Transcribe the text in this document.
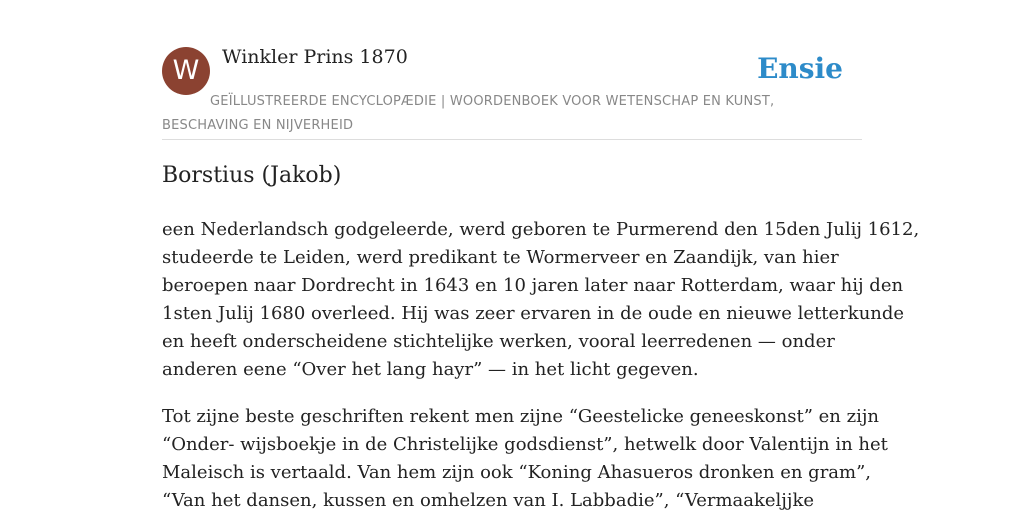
W	Winkler Prins 1870	Ensie
GEÏLLUSTREERDE ENCYCLOPÆDIE | WOORDENBOEK VOOR WETENSCHAP EN KUNST, BESCHAVING EN NIJVERHEID
Borstius (Jakob)

een Nederlandsch godgeleerde, werd geboren te Purmerend den 15den Julij 1612,
studeerde te Leiden, werd predikant te Wormerveer en Zaandijk, van hier
beroepen naar Dordrecht in 1643 en 10 jaren later naar Rotterdam, waar hij den
1sten Julij 1680 overleed. Hij was zeer ervaren in de oude en nieuwe letterkunde
en heeft onderscheidene stichtelijke werken, vooral leerredenen — onder
anderen eene “Over het lang hayr” — in het licht gegeven.

Tot zijne beste geschriften rekent men zijne “Geestelicke geneeskonst” en zijn
“Onder- wijsboekje in de Christelijke godsdienst”, hetwelk door Valentijn in het
Maleisch is vertaald. Van hem zijn ook “Koning Ahasueros dronken en gram”,
“Van het dansen, kussen en omhelzen van I. Labbadie”, “Vermaakeljjke
